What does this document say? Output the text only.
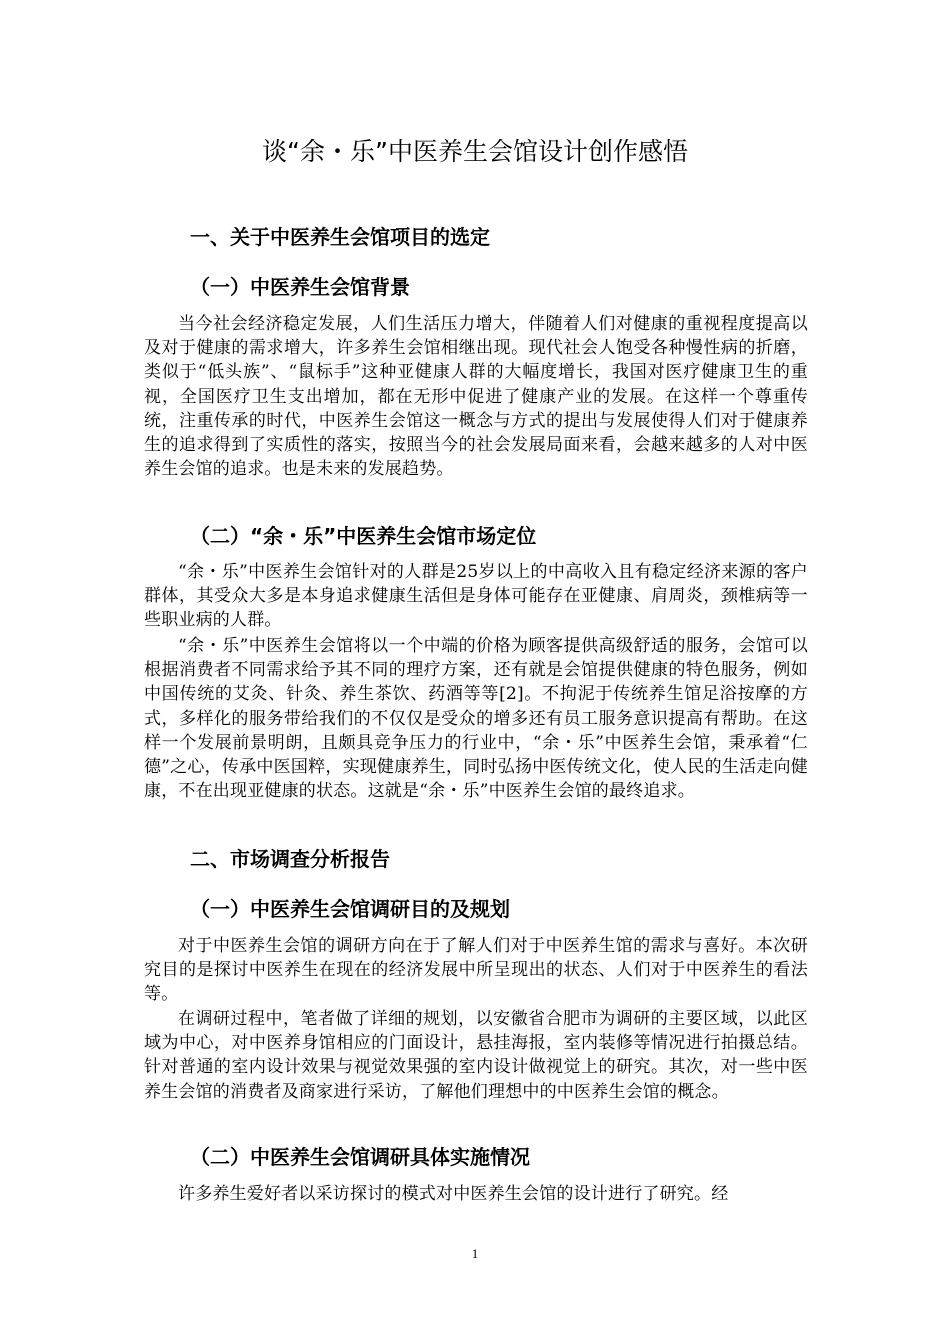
谈“余・乐”中医养生会馆设计创作感悟
一、关于中医养生会馆项目的选定
（一）中医养生会馆背景

当今社会经济稳定发展，人们生活压力增大，伴随着人们对健康的重视程度提高以及对于健康的需求增大，许多养生会馆相继出现。现代社会人饱受各种慢性病的折磨，类似于“低头族”、“鼠标手”这种亚健康人群的大幅度增长，我国对医疗健康卫生的重视，全国医疗卫生支出增加，都在无形中促进了健康产业的发展。在这样一个尊重传统，注重传承的时代，中医养生会馆这一概念与方式的提出与发展使得人们对于健康养生的追求得到了实质性的落实，按照当今的社会发展局面来看，会越来越多的人对中医养生会馆的追求。也是未来的发展趋势。

（二）“余・乐”中医养生会馆市场定位

“余・乐”中医养生会馆针对的人群是25岁以上的中高收入且有稳定经济来源的客户群体，其受众大多是本身追求健康生活但是身体可能存在亚健康、肩周炎，颈椎病等一些职业病的人群。

“余・乐”中医养生会馆将以一个中端的价格为顾客提供高级舒适的服务，会馆可以根据消费者不同需求给予其不同的理疗方案，还有就是会馆提供健康的特色服务，例如中国传统的艾灸、针灸、养生茶饮、药酒等等[2]。不拘泥于传统养生馆足浴按摩的方式，多样化的服务带给我们的不仅仅是受众的增多还有员工服务意识提高有帮助。在这样一个发展前景明朗，且颇具竞争压力的行业中，“余・乐”中医养生会馆，秉承着“仁德”之心，传承中医国粹，实现健康养生，同时弘扬中医传统文化，使人民的生活走向健康，不在出现亚健康的状态。这就是“余・乐”中医养生会馆的最终追求。

二、市场调查分析报告
（一）中医养生会馆调研目的及规划

对于中医养生会馆的调研方向在于了解人们对于中医养生馆的需求与喜好。本次研究目的是探讨中医养生在现在的经济发展中所呈现出的状态、人们对于中医养生的看法等。

在调研过程中，笔者做了详细的规划，以安徽省合肥市为调研的主要区域，以此区域为中心，对中医养身馆相应的门面设计，悬挂海报，室内装修等情况进行拍摄总结。针对普通的室内设计效果与视觉效果强的室内设计做视觉上的研究。其次，对一些中医养生会馆的消费者及商家进行采访，了解他们理想中的中医养生会馆的概念。

（二）中医养生会馆调研具体实施情况

许多养生爱好者以采访探讨的模式对中医养生会馆的设计进行了研究。经

1
